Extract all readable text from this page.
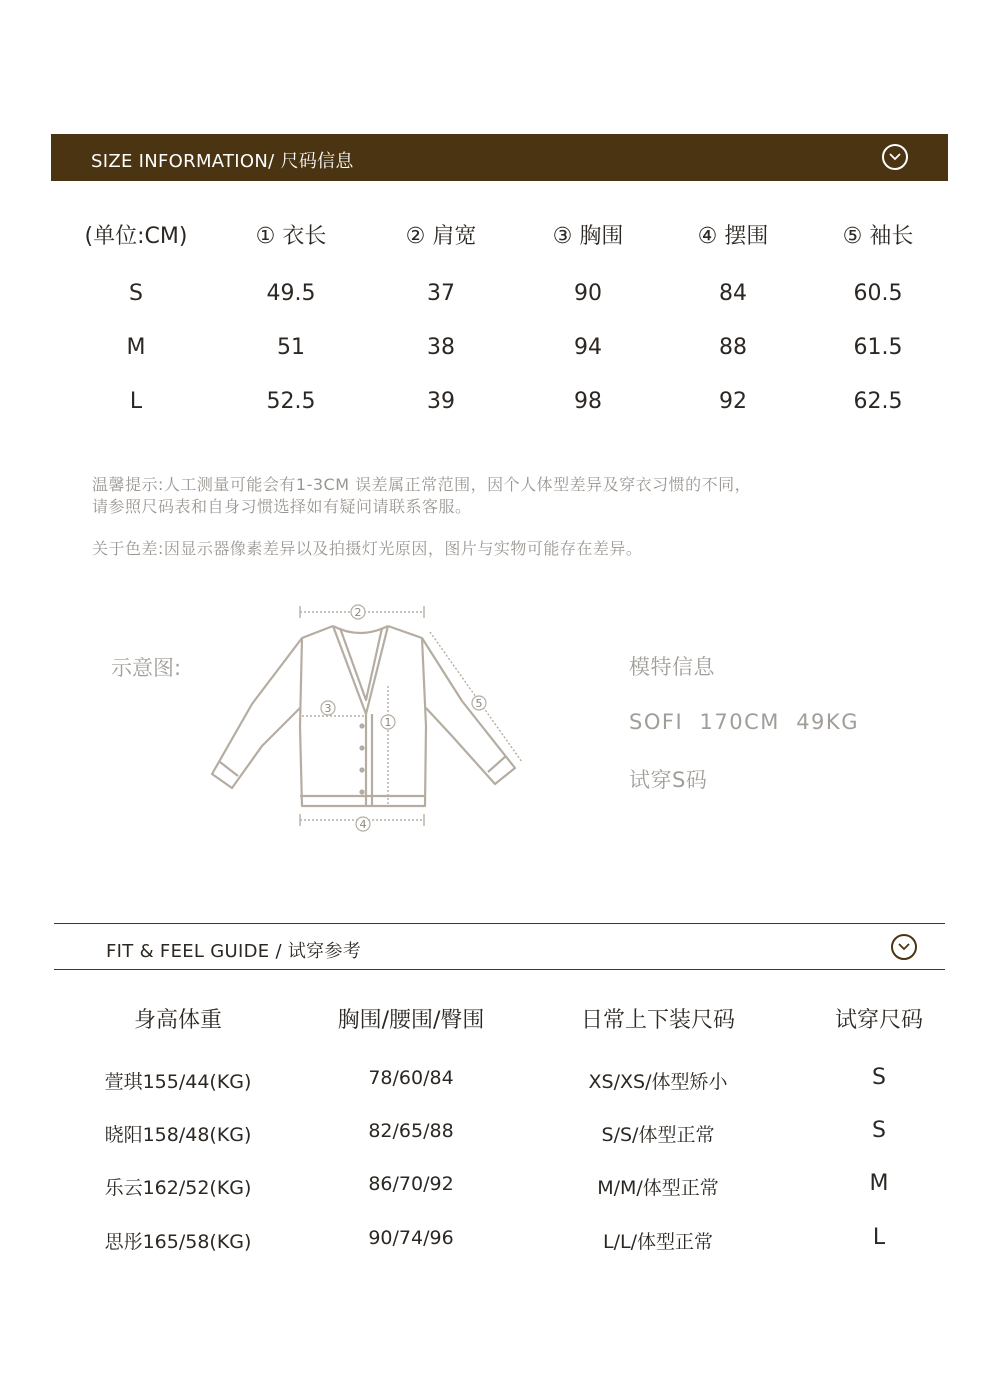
SIZE INFORMATION/ 尺码信息
(单位:CM)	① 衣长	② 肩宽	③ 胸围	④ 摆围	⑤ 袖长
S	49.5	37	90	84	60.5
M	51	38	94	88	61.5
L	52.5	39	98	92	62.5
温馨提示:人工测量可能会有1-3CM 误差属正常范围，因个人体型差异及穿衣习惯的不同，
请参照尺码表和自身习惯选择如有疑问请联系客服。
关于色差:因显示器像素差异以及拍摄灯光原因，图片与实物可能存在差异。
示意图:
2
3
1
5
4
模特信息
SOFI  170CM  49KG
试穿S码
FIT & FEEL GUIDE / 试穿参考
身高体重	胸围/腰围/臀围	日常上下装尺码	试穿尺码
萱琪155/44(KG)	78/60/84	XS/XS/体型矫小	S
晓阳158/48(KG)	82/65/88	S/S/体型正常	S
乐云162/52(KG)	86/70/92	M/M/体型正常	M
思彤165/58(KG)	90/74/96	L/L/体型正常	L
